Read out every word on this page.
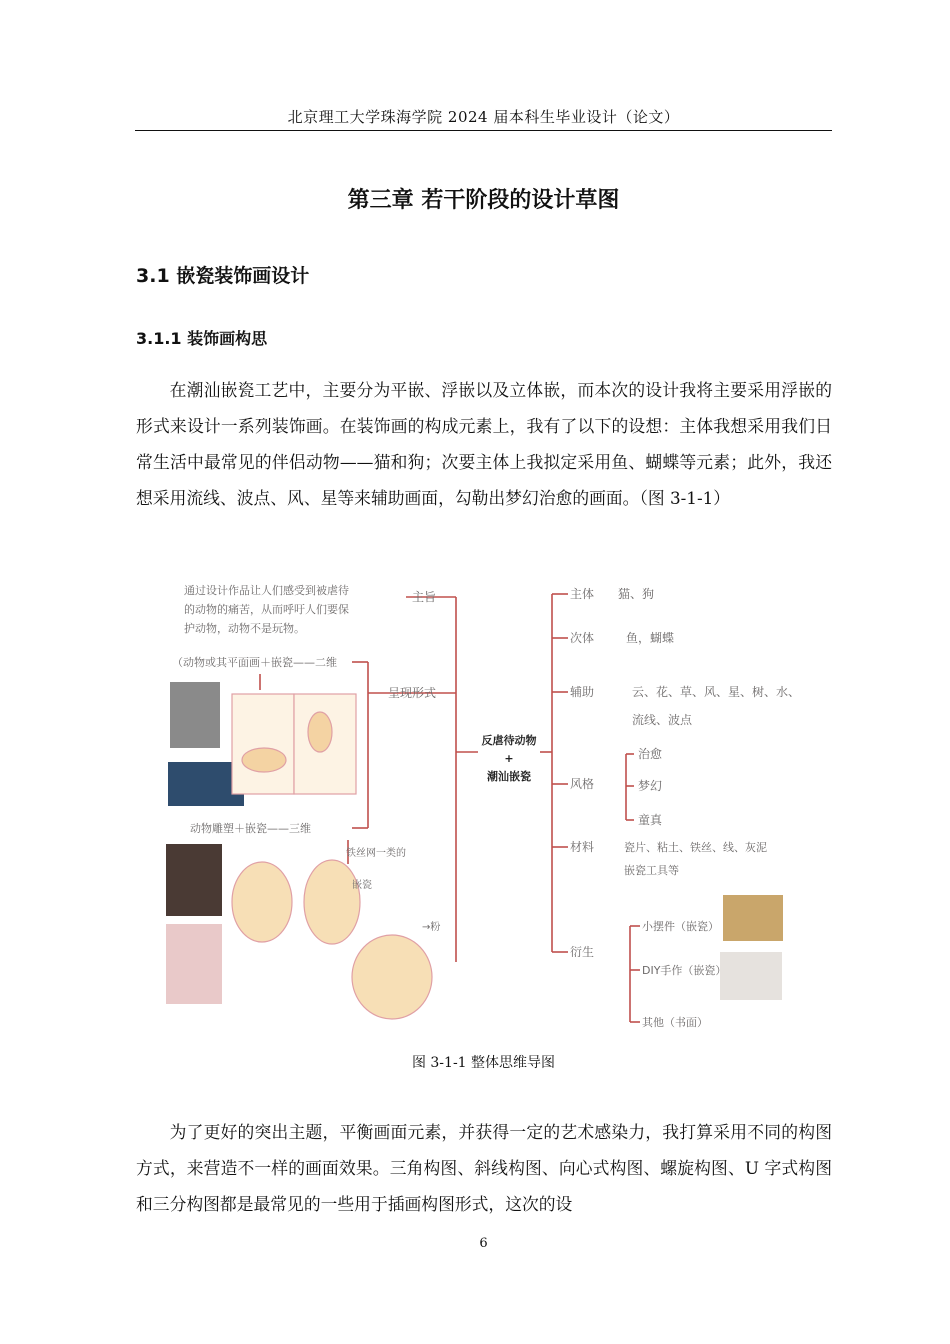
北京理工大学珠海学院 2024 届本科生毕业设计（论文）
第三章 若干阶段的设计草图
3.1 嵌瓷装饰画设计
3.1.1 装饰画构思

在潮汕嵌瓷工艺中，主要分为平嵌、浮嵌以及立体嵌，而本次的设计我将主要采用浮嵌的形式来设计一系列装饰画。在装饰画的构成元素上，我有了以下的设想：主体我想采用我们日常生活中最常见的伴侣动物——猫和狗；次要主体上我拟定采用鱼、蝴蝶等元素；此外，我还想采用流线、波点、风、星等来辅助画面，勾勒出梦幻治愈的画面。（图 3-1-1）

通过设计作品让人们感受到被虐待
的动物的痛苦，从而呼吁人们要保
护动物，动物不是玩物。
主旨
呈现形式
（动物或其平面画＋嵌瓷——二维
动物雕塑＋嵌瓷——三维
铁丝网一类的
嵌瓷
→粉
反虐待动物
+
潮汕嵌瓷
主体 猫、狗
次体	鱼，蝴蝶
辅助	云、花、草、风、星、树、水、
流线、波点
风格
治愈
梦幻
童真
材料	瓷片、粘土、铁丝、线、灰泥
嵌瓷工具等
衍生
小摆件（嵌瓷）
DIY手作（嵌瓷）
其他（书面）
图 3-1-1 整体思维导图

为了更好的突出主题，平衡画面元素，并获得一定的艺术感染力，我打算采用不同的构图方式，来营造不一样的画面效果。三角构图、斜线构图、向心式构图、螺旋构图、U 字式构图和三分构图都是最常见的一些用于插画构图形式，这次的设

6
